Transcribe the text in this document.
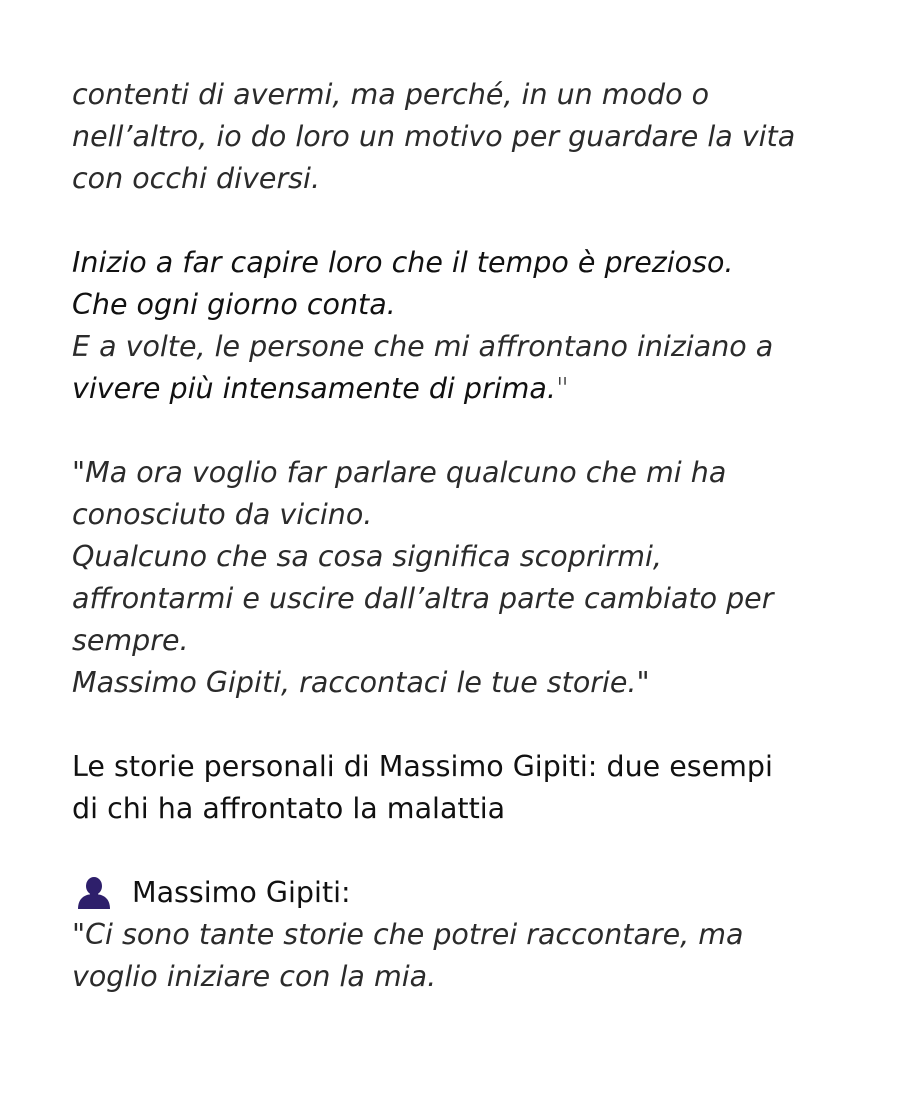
contenti di avermi, ma perché, in un modo o
nell’altro, io do loro un motivo per guardare la vita
con occhi diversi.

Inizio a far capire loro che il tempo è prezioso.
Che ogni giorno conta.
E a volte, le persone che mi affrontano iniziano a
vivere più intensamente di prima."

"Ma ora voglio far parlare qualcuno che mi ha
conosciuto da vicino.
Qualcuno che sa cosa significa scoprirmi,
affrontarmi e uscire dall’altra parte cambiato per
sempre.
Massimo Gipiti, raccontaci le tue storie."

Le storie personali di Massimo Gipiti: due esempi
di chi ha affrontato la malattia
Massimo Gipiti:

"Ci sono tante storie che potrei raccontare, ma
voglio iniziare con la mia.
